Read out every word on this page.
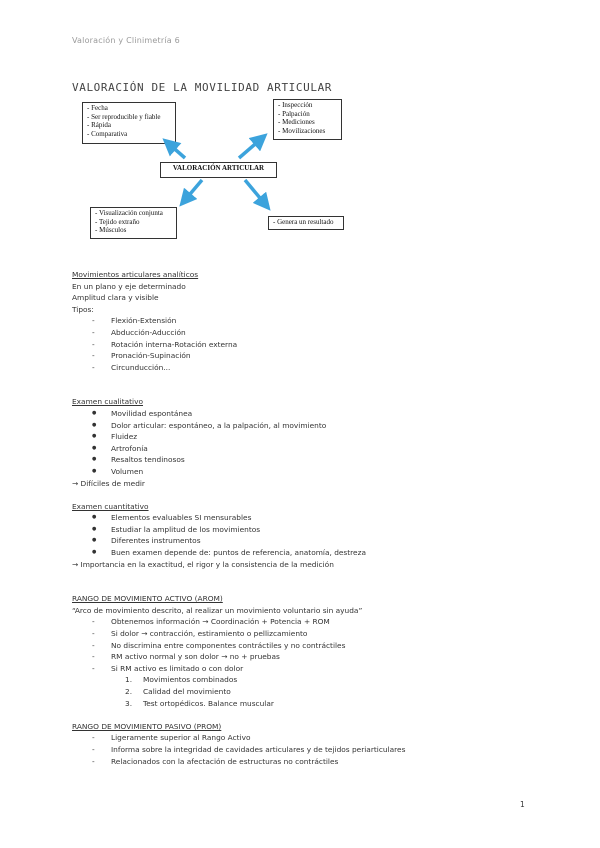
Valoración y Clinimetría 6
VALORACIÓN DE LA MOVILIDAD ARTICULAR
- Fecha
- Ser reproducible y fiable
- Rápida
- Comparativa
- Inspección
- Palpación
- Mediciones
- Movilizaciones
VALORACIÓN ARTICULAR
- Visualización conjunta
- Tejido extraño
- Músculos
- Genera un resultado

Movimientos articulares analíticos

En un plano y eje determinado

Amplitud clara y visible

Tipos:

- Flexión-Extensión
- Abducción-Aducción
- Rotación interna-Rotación externa
- Pronación-Supinación
- Circunducción...

Examen cualitativo

● Movilidad espontánea
● Dolor articular: espontáneo, a la palpación, al movimiento
● Fluidez
● Artrofonía
● Resaltos tendinosos
● Volumen

→ Difíciles de medir

Examen cuantitativo

● Elementos evaluables SI mensurables
● Estudiar la amplitud de los movimientos
● Diferentes instrumentos
● Buen examen depende de: puntos de referencia, anatomía, destreza

→ Importancia en la exactitud, el rigor y la consistencia de la medición

RANGO DE MOVIMIENTO ACTIVO (AROM)

“Arco de movimiento descrito, al realizar un movimiento voluntario sin ayuda”

- Obtenemos información → Coordinación + Potencia + ROM
- Si dolor → contracción, estiramiento o pellizcamiento
- No discrimina entre componentes contráctiles y no contráctiles
- RM activo normal y son dolor → no + pruebas
- Si RM activo es limitado o con dolor
1. Movimientos combinados
2. Calidad del movimiento
3. Test ortopédicos. Balance muscular

RANGO DE MOVIMIENTO PASIVO (PROM)

- Ligeramente superior al Rango Activo
- Informa sobre la integridad de cavidades articulares y de tejidos periarticulares
- Relacionados con la afectación de estructuras no contráctiles
1
